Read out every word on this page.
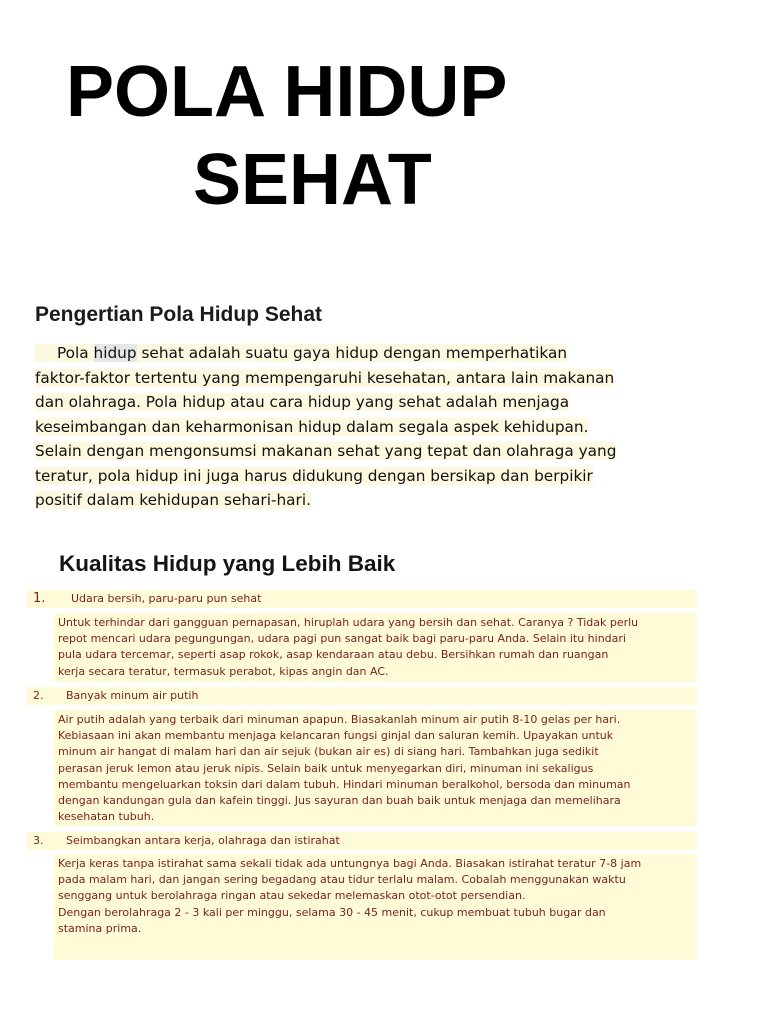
POLA HIDUP
SEHAT
Pengertian Pola Hidup Sehat

Pola hidup sehat adalah suatu gaya hidup dengan memperhatikan
faktor-faktor tertentu yang mempengaruhi kesehatan, antara lain makanan
dan olahraga. Pola hidup atau cara hidup yang sehat adalah menjaga
keseimbangan dan keharmonisan hidup dalam segala aspek kehidupan.
Selain dengan mengonsumsi makanan sehat yang tepat dan olahraga yang
teratur, pola hidup ini juga harus didukung dengan bersikap dan berpikir
positif dalam kehidupan sehari-hari.

Kualitas Hidup yang Lebih Baik
1. Udara bersih, paru-paru pun sehat
Untuk terhindar dari gangguan pernapasan, hiruplah udara yang bersih dan sehat. Caranya ? Tidak perlu
repot mencari udara pegungungan, udara pagi pun sangat baik bagi paru-paru Anda. Selain itu hindari
pula udara tercemar, seperti asap rokok, asap kendaraan atau debu. Bersihkan rumah dan ruangan
kerja secara teratur, termasuk perabot, kipas angin dan AC.
2. Banyak minum air putih
Air putih adalah yang terbaik dari minuman apapun. Biasakanlah minum air putih 8-10 gelas per hari.
Kebiasaan ini akan membantu menjaga kelancaran fungsi ginjal dan saluran kemih. Upayakan untuk
minum air hangat di malam hari dan air sejuk (bukan air es) di siang hari. Tambahkan juga sedikit
perasan jeruk lemon atau jeruk nipis. Selain baik untuk menyegarkan diri, minuman ini sekaligus
membantu mengeluarkan toksin dari dalam tubuh. Hindari minuman beralkohol, bersoda dan minuman
dengan kandungan gula dan kafein tinggi. Jus sayuran dan buah baik untuk menjaga dan memelihara
kesehatan tubuh.
3. Seimbangkan antara kerja, olahraga dan istirahat
Kerja keras tanpa istirahat sama sekali tidak ada untungnya bagi Anda. Biasakan istirahat teratur 7-8 jam
pada malam hari, dan jangan sering begadang atau tidur terlalu malam. Cobalah menggunakan waktu
senggang untuk berolahraga ringan atau sekedar melemaskan otot-otot persendian.
Dengan berolahraga 2 - 3 kali per minggu, selama 30 - 45 menit, cukup membuat tubuh bugar dan
stamina prima.
